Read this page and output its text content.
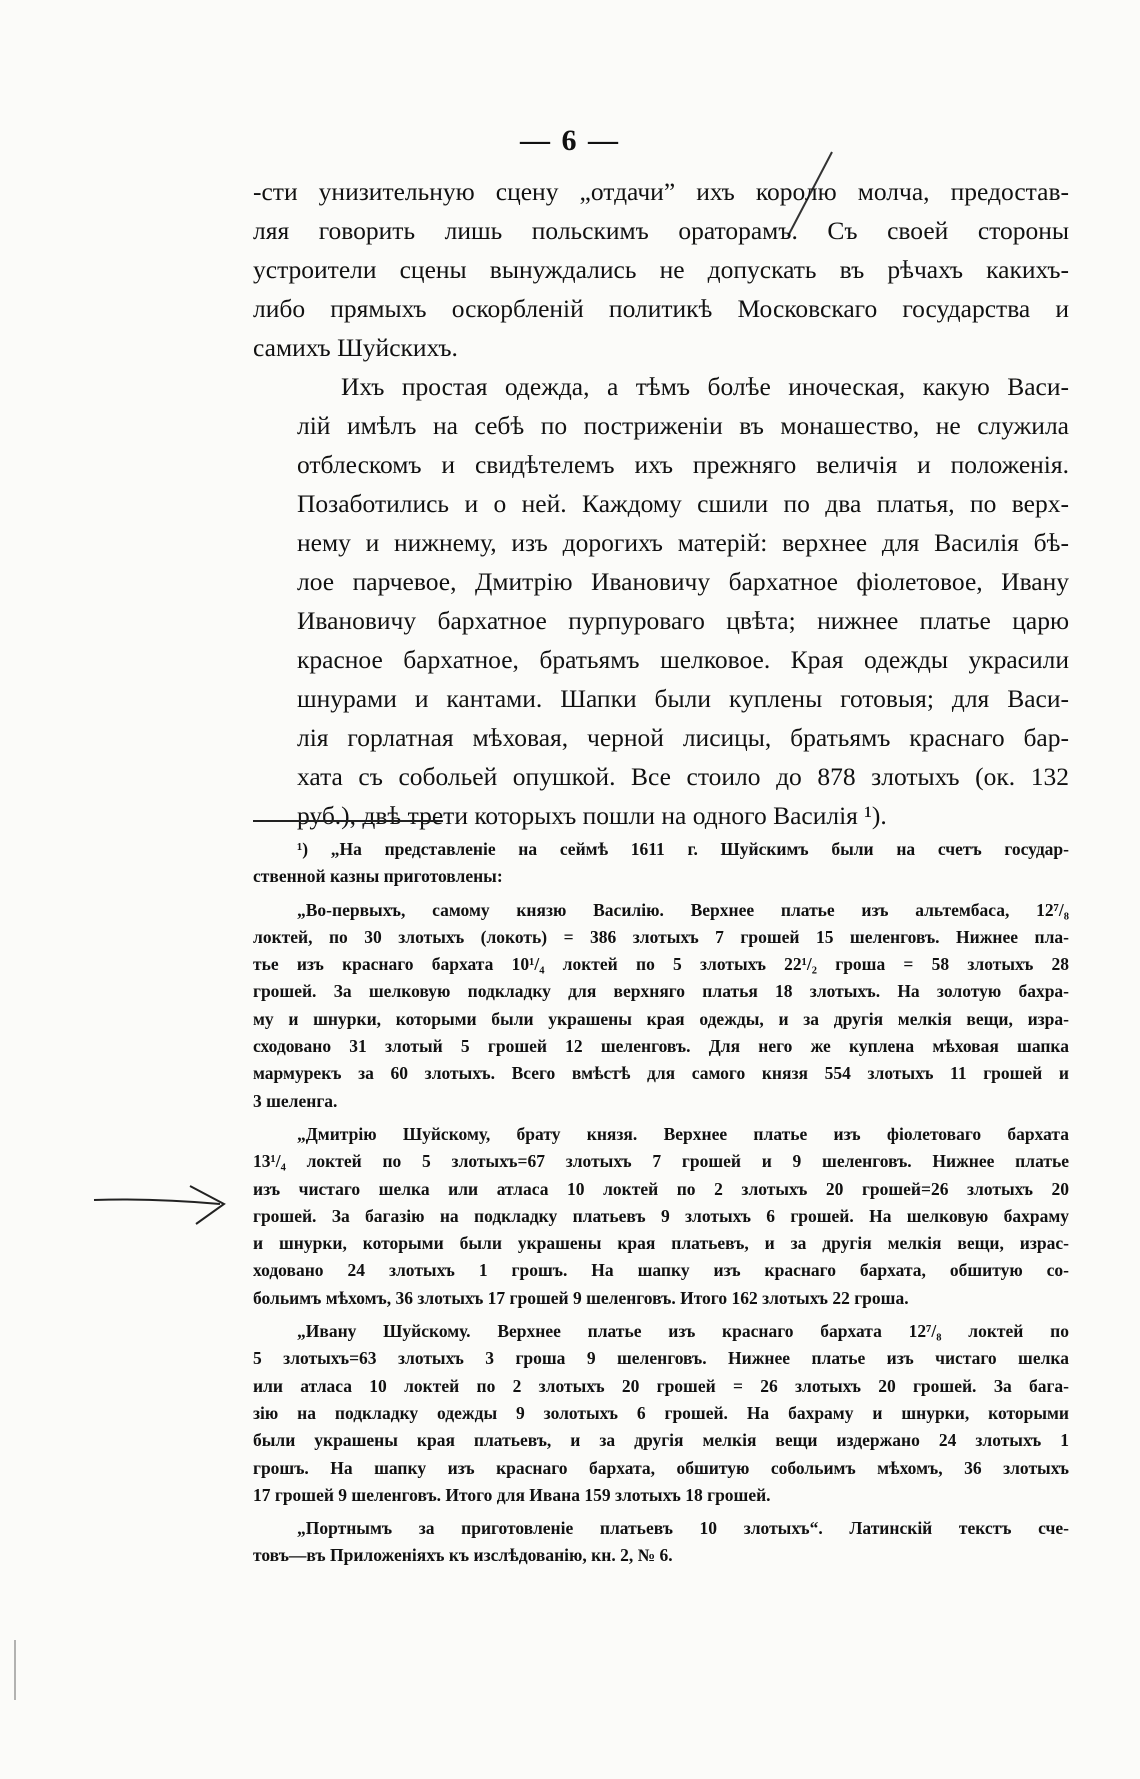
— 6 —

-сти унизительную сцену „отдачи” ихъ королю молча, предостав-
ляя говорить лишь польскимъ ораторамъ. Съ своей стороны
устроители сцены вынуждались не допускать въ рѣчахъ какихъ-
либо прямыхъ оскорбленій политикѣ Московскаго государства и
самихъ Шуйскихъ.

Ихъ простая одежда, а тѣмъ болѣе иноческая, какую Васи-
лій имѣлъ на себѣ по постриженіи въ монашество, не служила
отблескомъ и свидѣтелемъ ихъ прежняго величія и положенія.
Позаботились и о ней. Каждому сшили по два платья, по верх-
нему и нижнему, изъ дорогихъ матерій: верхнее для Василія бѣ-
лое парчевое, Дмитрію Ивановичу бархатное фіолетовое, Ивану
Ивановичу бархатное пурпуроваго цвѣта; нижнее платье царю
красное бархатное, братьямъ шелковое. Края одежды украсили
шнурами и кантами. Шапки были куплены готовыя; для Васи-
лія горлатная мѣховая, черной лисицы, братьямъ краснаго бар-
хата съ собольей опушкой. Все стоило до 878 злотыхъ (ок. 132
руб.), двѣ трети которыхъ пошли на одного Василія ¹).

¹) „На представленіе на сеймѣ 1611 г. Шуйскимъ были на счетъ государ-
ственной казны приготовлены:

„Во-первыхъ, самому князю Василію. Верхнее платье изъ альтембаса, 12⁷/₈
локтей, по 30 злотыхъ (локоть) = 386 злотыхъ 7 грошей 15 шеленговъ. Нижнее пла-
тье изъ краснаго бархата 10¹/₄ локтей по 5 злотыхъ 22¹/₂ гроша = 58 злотыхъ 28
грошей. За шелковую подкладку для верхняго платья 18 злотыхъ. На золотую бахра-
му и шнурки, которыми были украшены края одежды, и за другія мелкія вещи, изра-
сходовано 31 злотый 5 грошей 12 шеленговъ. Для него же куплена мѣховая шапка
мармурекъ за 60 злотыхъ. Всего вмѣстѣ для самого князя 554 злотыхъ 11 грошей и
3 шеленга.

„Дмитрію Шуйскому, брату князя. Верхнее платье изъ фіолетоваго бархата
13¹/₄ локтей по 5 злотыхъ=67 злотыхъ 7 грошей и 9 шеленговъ. Нижнее платье
изъ чистаго шелка или атласа 10 локтей по 2 злотыхъ 20 грошей=26 злотыхъ 20
грошей. За багазію на подкладку платьевъ 9 злотыхъ 6 грошей. На шелковую бахраму
и шнурки, которыми были украшены края платьевъ, и за другія мелкія вещи, израс-
ходовано 24 злотыхъ 1 грошъ. На шапку изъ краснаго бархата, обшитую со-
больимъ мѣхомъ, 36 злотыхъ 17 грошей 9 шеленговъ. Итого 162 злотыхъ 22 гроша.

„Ивану Шуйскому. Верхнее платье изъ краснаго бархата 12⁷/₈ локтей по
5 злотыхъ=63 злотыхъ 3 гроша 9 шеленговъ. Нижнее платье изъ чистаго шелка
или атласа 10 локтей по 2 злотыхъ 20 грошей = 26 злотыхъ 20 грошей. За бага-
зію на подкладку одежды 9 золотыхъ 6 грошей. На бахраму и шнурки, которыми
были украшены края платьевъ, и за другія мелкія вещи издержано 24 злотыхъ 1
грошъ. На шапку изъ краснаго бархата, обшитую собольимъ мѣхомъ, 36 злотыхъ
17 грошей 9 шеленговъ. Итого для Ивана 159 злотыхъ 18 грошей.

„Портнымъ за приготовленіе платьевъ 10 злотыхъ“. Латинскій текстъ сче-
товъ—въ Приложеніяхъ къ изслѣдованію, кн. 2, № 6.
